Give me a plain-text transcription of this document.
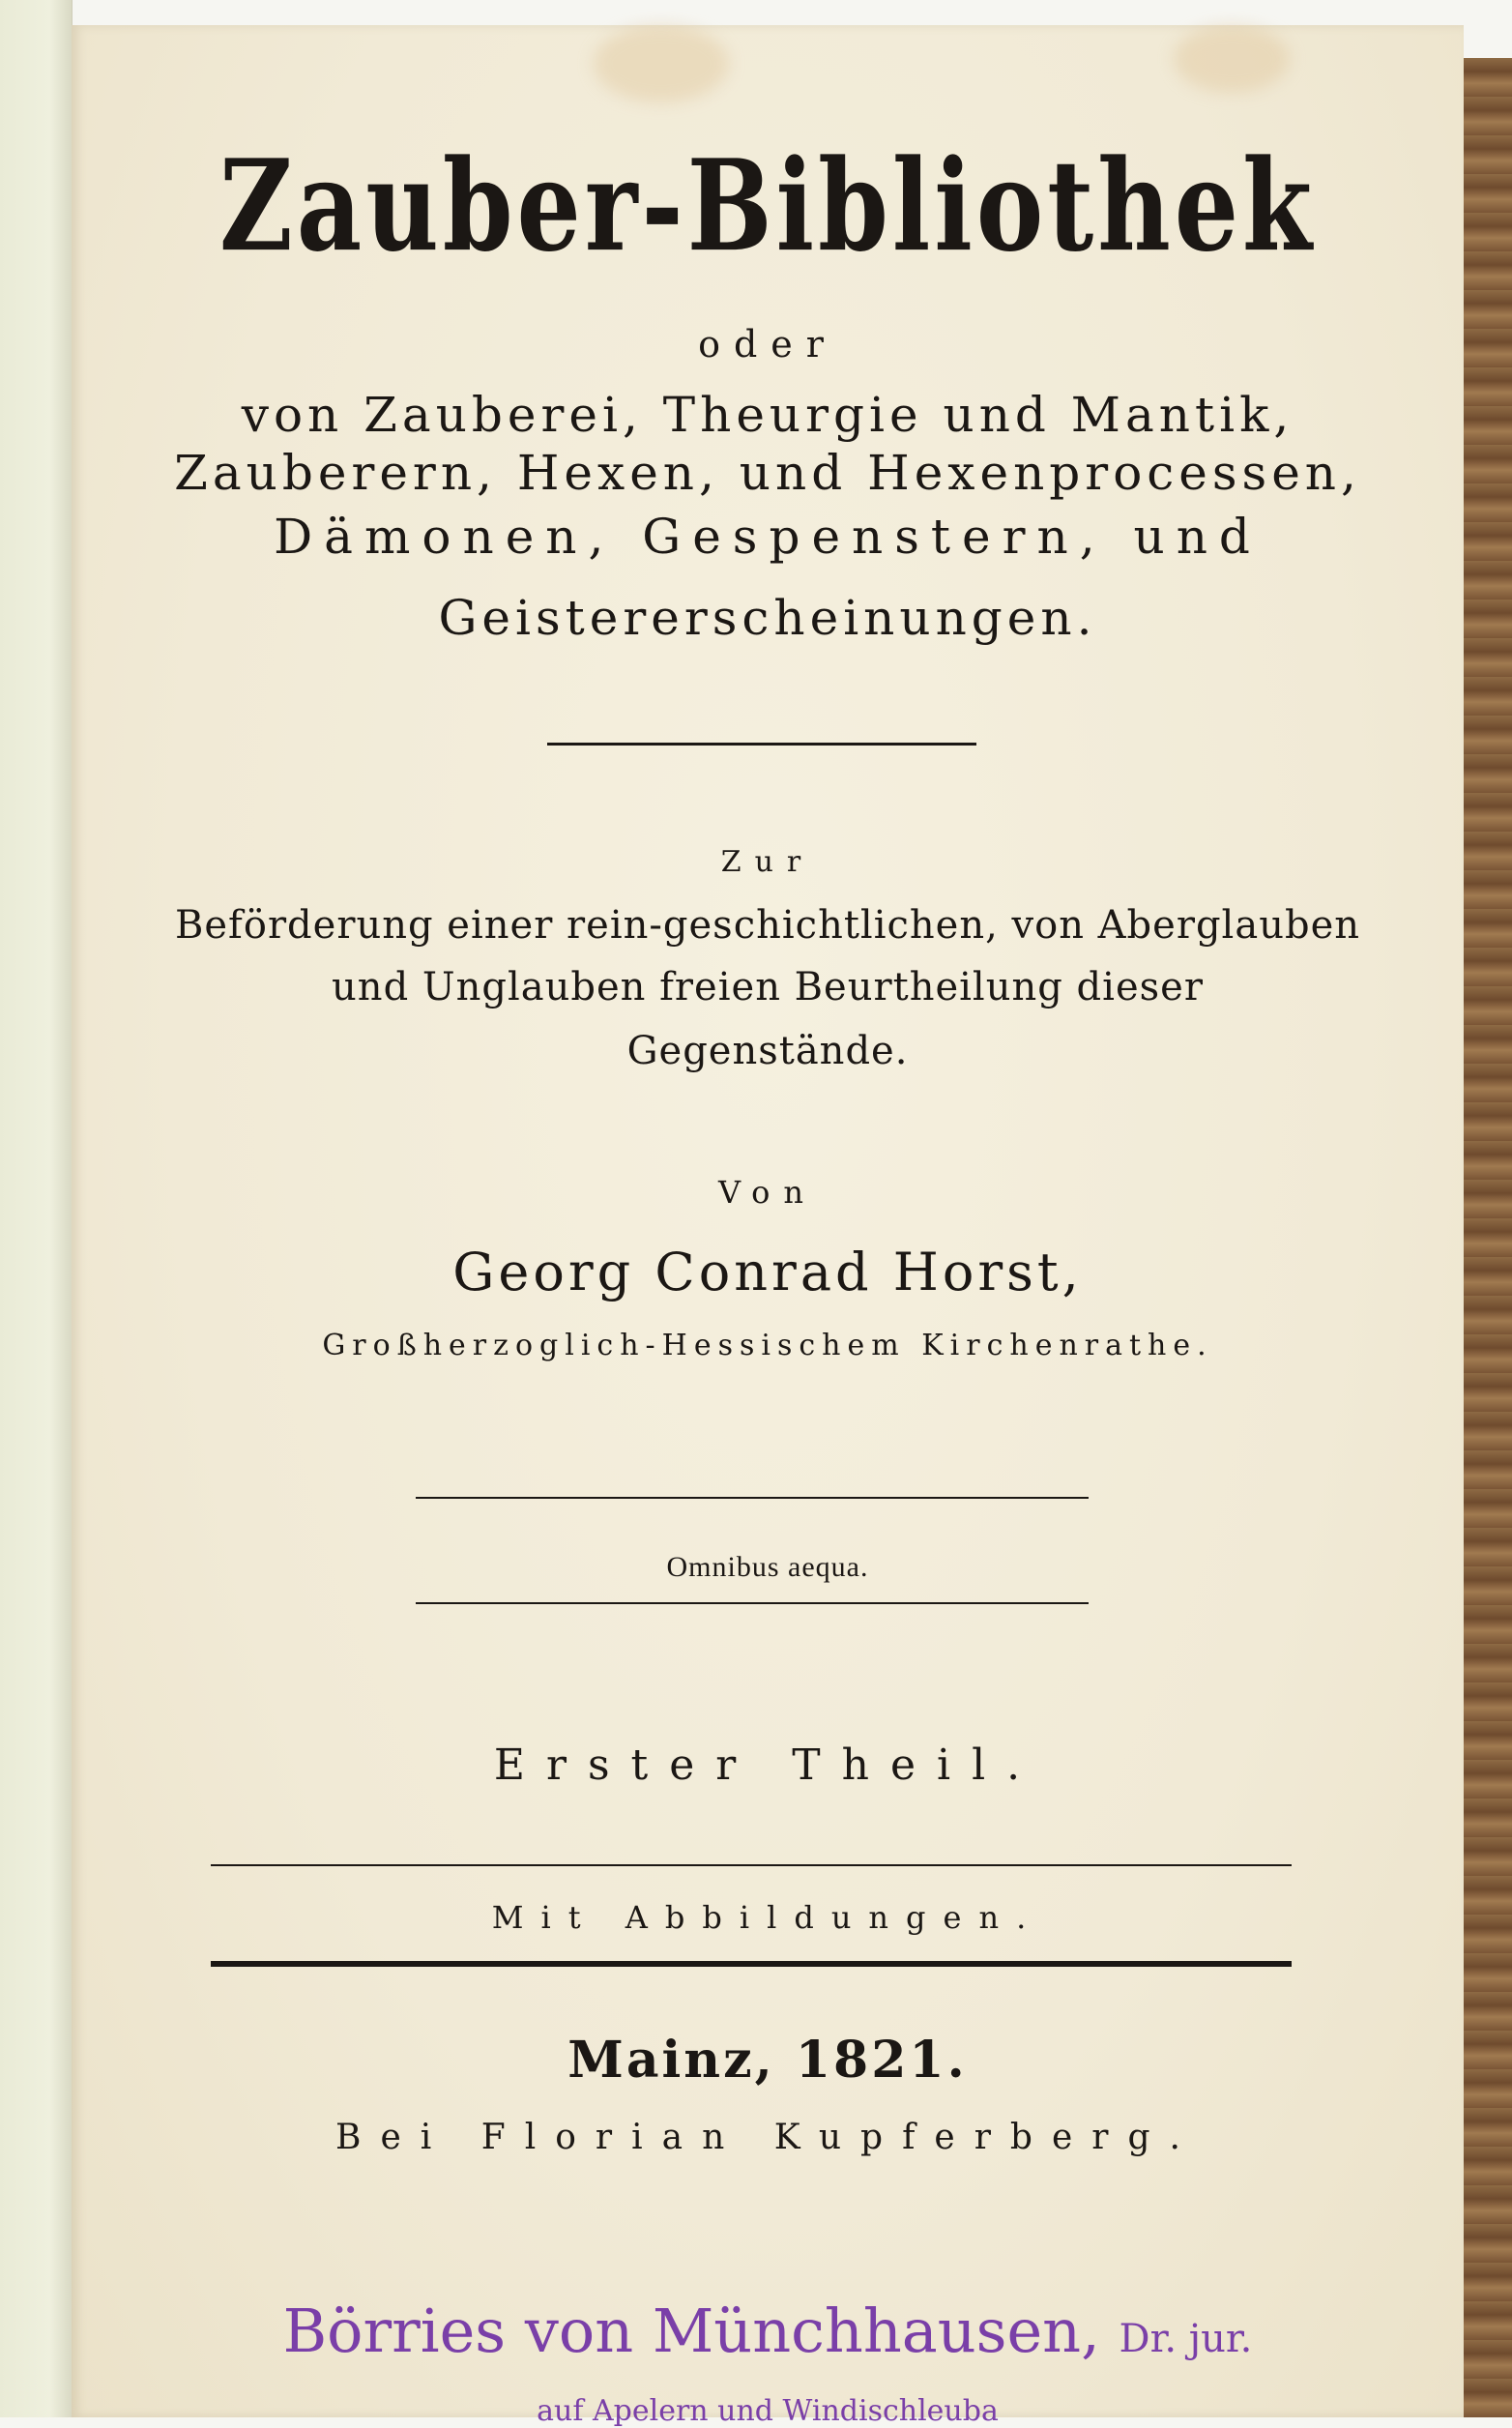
Zauber-Bibliothek
oder
von Zauberei, Theurgie und Mantik,
Zauberern, Hexen, und Hexenprocessen,
Dämonen, Gespenstern, und
Geistererscheinungen.
Zur
Beförderung einer rein-geschichtlichen, von Aberglauben
und Unglauben freien Beurtheilung dieser
Gegenstände.
Von
Georg Conrad Horst,
Großherzoglich-Hessischem Kirchenrathe.
Omnibus aequa.
Erster Theil.
Mit Abbildungen.
Mainz, 1821.
Bei Florian Kupferberg.
Börries von Münchhausen, Dr. jur.
auf Apelern und Windischleuba
